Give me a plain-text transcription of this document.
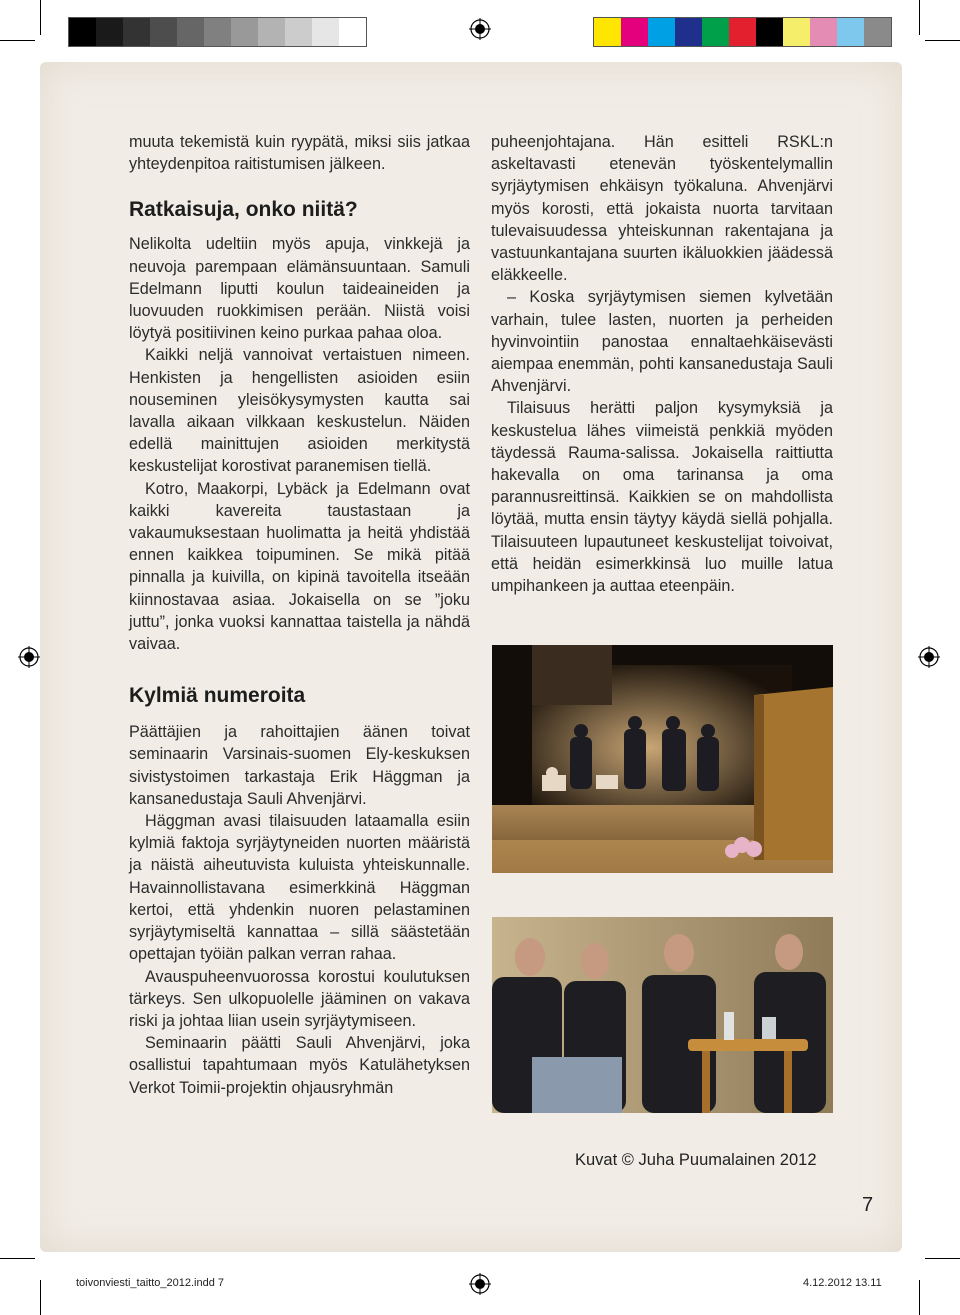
muuta tekemistä kuin ryypätä, miksi siis jatkaa yhteydenpitoa raitistumisen jälkeen.

Ratkaisuja, onko niitä?

Nelikolta udeltiin myös apuja, vinkkejä ja neuvoja parempaan elämänsuuntaan. Samuli Edelmann liputti koulun taideaineiden ja luovuuden ruokkimisen perään. Niistä voisi löytyä positiivinen keino purkaa pahaa oloa.

Kaikki neljä vannoivat vertaistuen nimeen. Henkisten ja hengellisten asioiden esiin nouseminen yleisökysymysten kautta sai lavalla aikaan vilkkaan keskustelun. Näiden edellä mainittujen asioiden merkitystä keskustelijat korostivat paranemisen tiellä.

Kotro, Maakorpi, Lybäck ja Edelmann ovat kaikki kavereita taustastaan ja vakaumuksestaan huolimatta ja heitä yhdistää ennen kaikkea toipuminen. Se mikä pitää pinnalla ja kuivilla, on kipinä tavoitella itseään kiinnostavaa asiaa. Jokaisella on se ”joku juttu”, jonka vuoksi kannattaa taistella ja nähdä vaivaa.

Kylmiä numeroita

Päättäjien ja rahoittajien äänen toivat seminaarin Varsinais-suomen Ely-keskuksen sivistystoimen tarkastaja Erik Häggman ja kansanedustaja Sauli Ahvenjärvi.

Häggman avasi tilaisuuden lataamalla esiin kylmiä faktoja syrjäytyneiden nuorten määristä ja näistä aiheutuvista kuluista yhteiskunnalle. Havainnollistavana esimerkkinä Häggman kertoi, että yhdenkin nuoren pelastaminen syrjäytymiseltä kannattaa – sillä säästetään opettajan työiän palkan verran rahaa.

Avauspuheenvuorossa korostui koulutuksen tärkeys. Sen ulkopuolelle jääminen on vakava riski ja johtaa liian usein syrjäytymiseen.

Seminaarin päätti Sauli Ahvenjärvi, joka osallistui tapahtumaan myös Katulähetyksen Verkot Toimii-projektin ohjausryhmän

puheenjohtajana. Hän esitteli RSKL:n askeltavasti etenevän työskentelymallin syrjäytymisen ehkäisyn työkaluna. Ahvenjärvi myös korosti, että jokaista nuorta tarvitaan tulevaisuudessa yhteiskunnan rakentajana ja vastuunkantajana suurten ikäluokkien jäädessä eläkkeelle.

– Koska syrjäytymisen siemen kylvetään varhain, tulee lasten, nuorten ja perheiden hyvinvointiin panostaa ennaltaehkäisevästi aiempaa enemmän, pohti kansanedustaja Sauli Ahvenjärvi.

Tilaisuus herätti paljon kysymyksiä ja keskustelua lähes viimeistä penkkiä myöden täydessä Rauma-salissa. Jokaisella raittiutta hakevalla on oma tarinansa ja oma parannusreittinsä. Kaikkien se on mahdollista löytää, mutta ensin täytyy käydä siellä pohjalla. Tilaisuuteen lupautuneet keskustelijat toivoivat, että heidän esimerkkinsä luo muille latua umpihankeen ja auttaa eteenpäin.

Kuvat © Juha Puumalainen 2012
7
toivonviesti_taitto_2012.indd 7	4.12.2012 13.11
